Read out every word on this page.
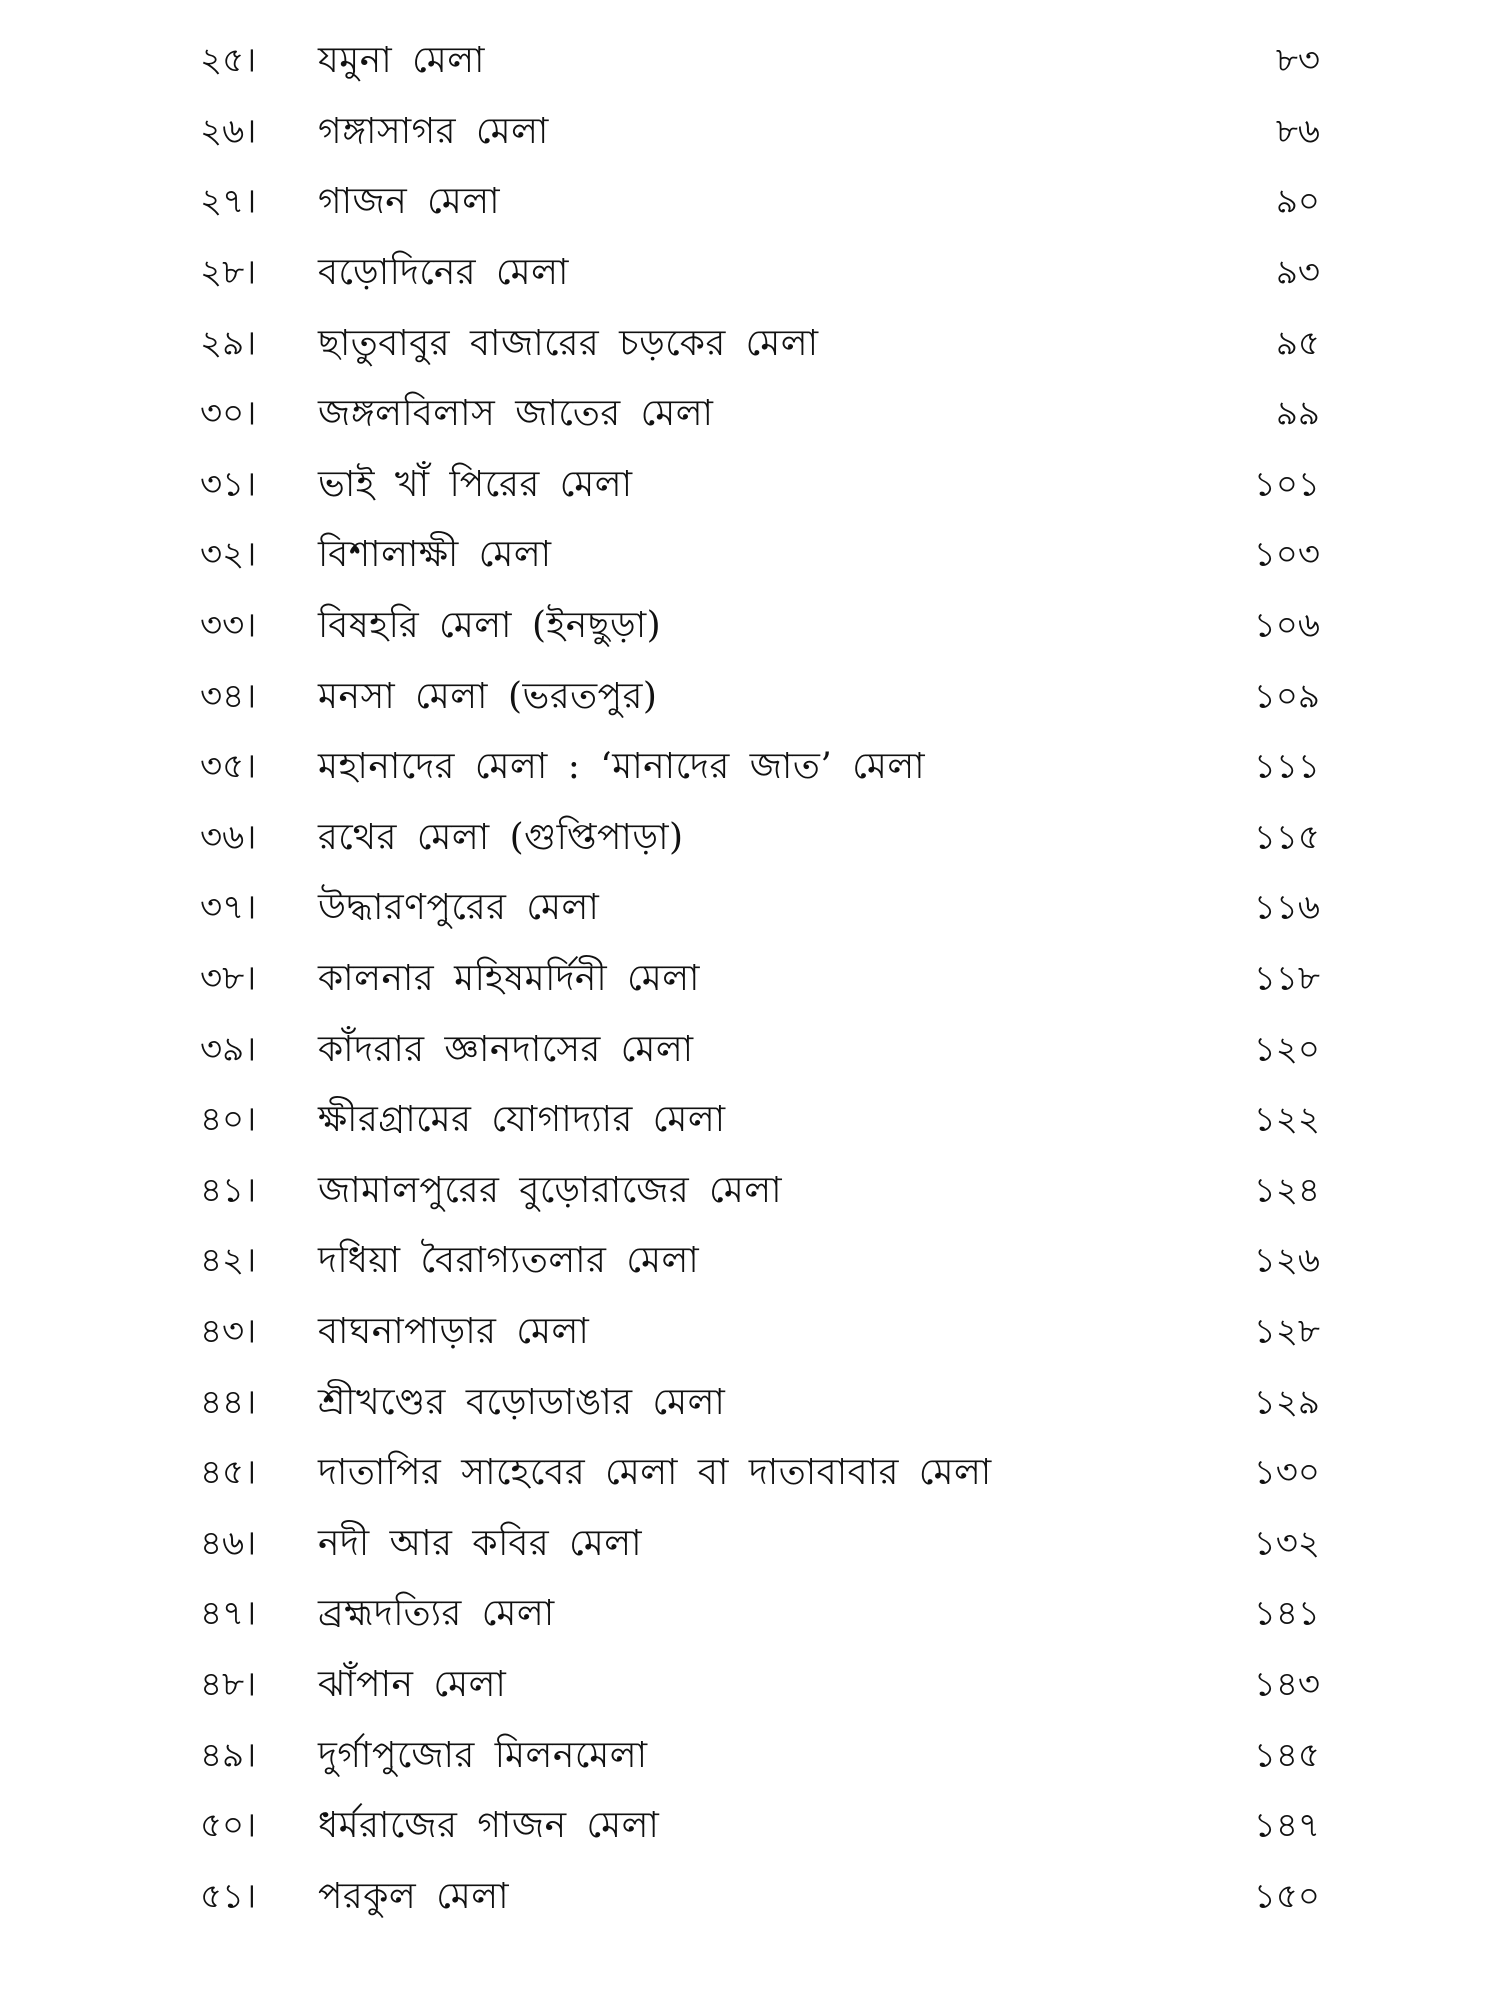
২৫। যমুনা মেলা	৮৩
২৬। গঙ্গাসাগর মেলা	৮৬
২৭। গাজন মেলা	৯০
২৮। বড়োদিনের মেলা	৯৩
২৯। ছাতুবাবুর বাজারের চড়কের মেলা	৯৫
৩০। জঙ্গলবিলাস জাতের মেলা	৯৯
৩১। ভাই খাঁ পিরের মেলা	১০১
৩২। বিশালাক্ষী মেলা	১০৩
৩৩। বিষহরি মেলা (ইনছুড়া)	১০৬
৩৪। মনসা মেলা (ভরতপুর)	১০৯
৩৫। মহানাদের মেলা : ‘মানাদের জাত’ মেলা	১১১
৩৬। রথের মেলা (গুপ্তিপাড়া)	১১৫
৩৭। উদ্ধারণপুরের মেলা	১১৬
৩৮। কালনার মহিষমর্দিনী মেলা	১১৮
৩৯। কাঁদরার জ্ঞানদাসের মেলা	১২০
৪০। ক্ষীরগ্রামের যোগাদ্যার মেলা	১২২
৪১। জামালপুরের বুড়োরাজের মেলা	১২৪
৪২। দধিয়া বৈরাগ্যতলার মেলা	১২৬
৪৩। বাঘনাপাড়ার মেলা	১২৮
৪৪। শ্রীখণ্ডের বড়োডাঙার মেলা	১২৯
৪৫। দাতাপির সাহেবের মেলা বা দাতাবাবার মেলা	১৩০
৪৬। নদী আর কবির মেলা	১৩২
৪৭। ব্রহ্মদত্যির মেলা	১৪১
৪৮। ঝাঁপান মেলা	১৪৩
৪৯। দুর্গাপুজোর মিলনমেলা	১৪৫
৫০। ধর্মরাজের গাজন মেলা	১৪৭
৫১। পরকুল মেলা	১৫০
